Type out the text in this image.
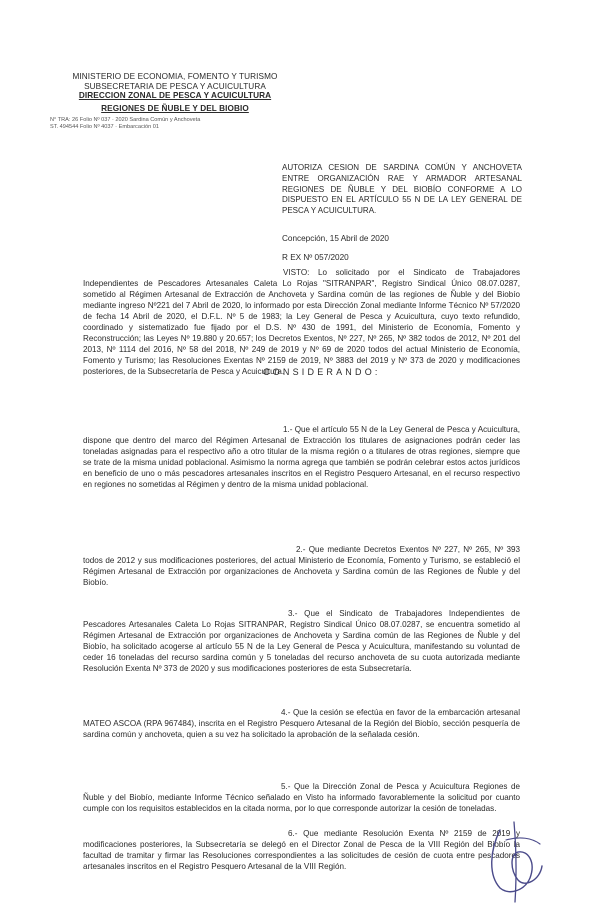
MINISTERIO DE ECONOMIA, FOMENTO Y TURISMO
SUBSECRETARIA DE PESCA Y ACUICULTURA
DIRECCION ZONAL DE PESCA Y ACUICULTURA
REGIONES DE ÑUBLE Y DEL BIOBIO
N° TRA: 26 Folio Nº 037 · 2020 Sardina Común y Anchoveta
ST. 494544 Folio Nº 4037 · Embarcación 01
AUTORIZA CESION DE SARDINA COMÚN Y ANCHOVETA ENTRE ORGANIZACIÓN RAE Y ARMADOR ARTESANAL REGIONES DE ÑUBLE Y DEL BIOBÍO CONFORME A LO DISPUESTO EN EL ARTÍCULO 55 N DE LA LEY GENERAL DE PESCA Y ACUICULTURA.
Concepción, 15 Abril de 2020
R EX Nº 057/2020
VISTO: Lo solicitado por el Sindicato de Trabajadores Independientes de Pescadores Artesanales Caleta Lo Rojas "SITRANPAR", Registro Sindical Único 08.07.0287, sometido al Régimen Artesanal de Extracción de Anchoveta y Sardina común de las regiones de Ñuble y del Biobío mediante ingreso Nº221 del 7 Abril de 2020, lo informado por esta Dirección Zonal mediante Informe Técnico Nº 57/2020 de fecha 14 Abril de 2020, el D.F.L. Nº 5 de 1983; la Ley General de Pesca y Acuicultura, cuyo texto refundido, coordinado y sistematizado fue fijado por el D.S. Nº 430 de 1991, del Ministerio de Economía, Fomento y Reconstrucción; las Leyes Nº 19.880 y 20.657; los Decretos Exentos, Nº 227, Nº 265, Nº 382 todos de 2012, Nº 201 del 2013, Nº 1114 del 2016, Nº 58 del 2018, Nº 249 de 2019 y Nº 69 de 2020 todos del actual Ministerio de Economía, Fomento y Turismo; las Resoluciones Exentas Nº 2159 de 2019, Nº 3883 del 2019 y Nº 373 de 2020 y modificaciones posteriores, de la Subsecretaría de Pesca y Acuicultura.
CONSIDERANDO:
1.- Que el artículo 55 N de la Ley General de Pesca y Acuicultura, dispone que dentro del marco del Régimen Artesanal de Extracción los titulares de asignaciones podrán ceder las toneladas asignadas para el respectivo año a otro titular de la misma región o a titulares de otras regiones, siempre que se trate de la misma unidad poblacional. Asimismo la norma agrega que también se podrán celebrar estos actos jurídicos en beneficio de uno o más pescadores artesanales inscritos en el Registro Pesquero Artesanal, en el recurso respectivo en regiones no sometidas al Régimen y dentro de la misma unidad poblacional.
2.- Que mediante Decretos Exentos Nº 227, Nº 265, Nº 393 todos de 2012 y sus modificaciones posteriores, del actual Ministerio de Economía, Fomento y Turismo, se estableció el Régimen Artesanal de Extracción por organizaciones de Anchoveta y Sardina común de las Regiones de Ñuble y del Biobío.
3.- Que el Sindicato de Trabajadores Independientes de Pescadores Artesanales Caleta Lo Rojas SITRANPAR, Registro Sindical Único 08.07.0287, se encuentra sometido al Régimen Artesanal de Extracción por organizaciones de Anchoveta y Sardina común de las Regiones de Ñuble y del Biobío, ha solicitado acogerse al artículo 55 N de la Ley General de Pesca y Acuicultura, manifestando su voluntad de ceder 16 toneladas del recurso sardina común y 5 toneladas del recurso anchoveta de su cuota autorizada mediante Resolución Exenta Nº 373 de 2020 y sus modificaciones posteriores de esta Subsecretaría.
4.- Que la cesión se efectúa en favor de la embarcación artesanal MATEO ASCOA (RPA 967484), inscrita en el Registro Pesquero Artesanal de la Región del Biobío, sección pesquería de sardina común y anchoveta, quien a su vez ha solicitado la aprobación de la señalada cesión.
5.- Que la Dirección Zonal de Pesca y Acuicultura Regiones de Ñuble y del Biobío, mediante Informe Técnico señalado en Visto ha informado favorablemente la solicitud por cuanto cumple con los requisitos establecidos en la citada norma, por lo que corresponde autorizar la cesión de toneladas.
6.- Que mediante Resolución Exenta Nº 2159 de 2019 y modificaciones posteriores, la Subsecretaría se delegó en el Director Zonal de Pesca de la VIII Región del Biobío la facultad de tramitar y firmar las Resoluciones correspondientes a las solicitudes de cesión de cuota entre pescadores artesanales inscritos en el Registro Pesquero Artesanal de la VIII Región.
